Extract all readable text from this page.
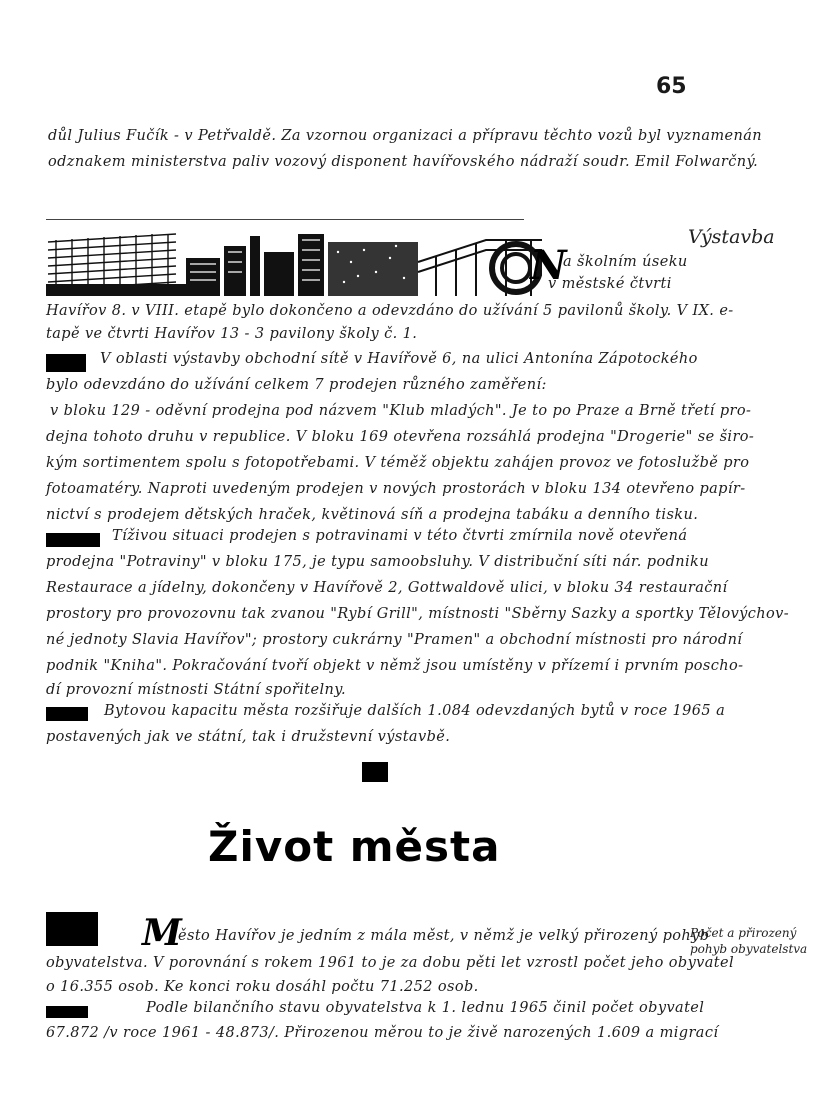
65
důl Julius Fučík - v Petřvaldě. Za vzornou organizaci a přípravu těchto vozů byl vyznamenán
odznakem ministerstva paliv vozový disponent havířovského nádraží soudr. Emil Folwarčný.
Výstavba
N
a školním úseku
v městské čtvrti
Havířov 8. v VIII. etapě bylo dokončeno a odevzdáno do užívání 5 pavilonů školy. V IX. e-
tapě ve čtvrti Havířov 13 - 3 pavilony školy č. 1.
V oblasti výstavby obchodní sítě v Havířově 6, na ulici Antonína Zápotockého
bylo odevzdáno do užívání celkem 7 prodejen různého zaměření:
v bloku 129 - oděvní prodejna pod názvem "Klub mladých". Je to po Praze a Brně třetí pro-
dejna tohoto druhu v republice. V bloku 169 otevřena rozsáhlá prodejna "Drogerie" se širo-
kým sortimentem spolu s fotopotřebami. V téměž objektu zahájen provoz ve fotoslužbě pro
fotoamatéry. Naproti uvedeným prodejen v nových prostorách v bloku 134 otevřeno papír-
nictví s prodejem dětských hraček, květinová síň a prodejna tabáku a denního tisku.
Tíživou situaci prodejen s potravinami v této čtvrti zmírnila nově otevřená
prodejna "Potraviny" v bloku 175, je typu samoobsluhy. V distribuční síti nár. podniku
Restaurace a jídelny, dokončeny v Havířově 2, Gottwaldově ulici, v bloku 34 restaurační
prostory pro provozovnu tak zvanou "Rybí Grill", místnosti "Sběrny Sazky a sportky Tělovýchov-
né jednoty Slavia Havířov"; prostory cukrárny "Pramen" a obchodní místnosti pro národní
podnik "Kniha". Pokračování tvoří objekt v němž jsou umístěny v přízemí i prvním poscho-
dí provozní místnosti Státní spořitelny.
Bytovou kapacitu města rozšiřuje dalších 1.084 odevzdaných bytů v roce 1965 a
postavených jak ve státní, tak i družstevní výstavbě.
Život města
Počet a přirozený
pohyb obyvatelstva
M
ěsto Havířov je jedním z mála měst, v němž je velký přirozený pohyb
obyvatelstva. V porovnání s rokem 1961 to je za dobu pěti let vzrostl počet jeho obyvatel
o 16.355 osob. Ke konci roku dosáhl počtu 71.252 osob.
Podle bilančního stavu obyvatelstva k 1. lednu 1965 činil počet obyvatel
67.872 /v roce 1961 - 48.873/. Přirozenou měrou to je živě narozených 1.609 a migrací
